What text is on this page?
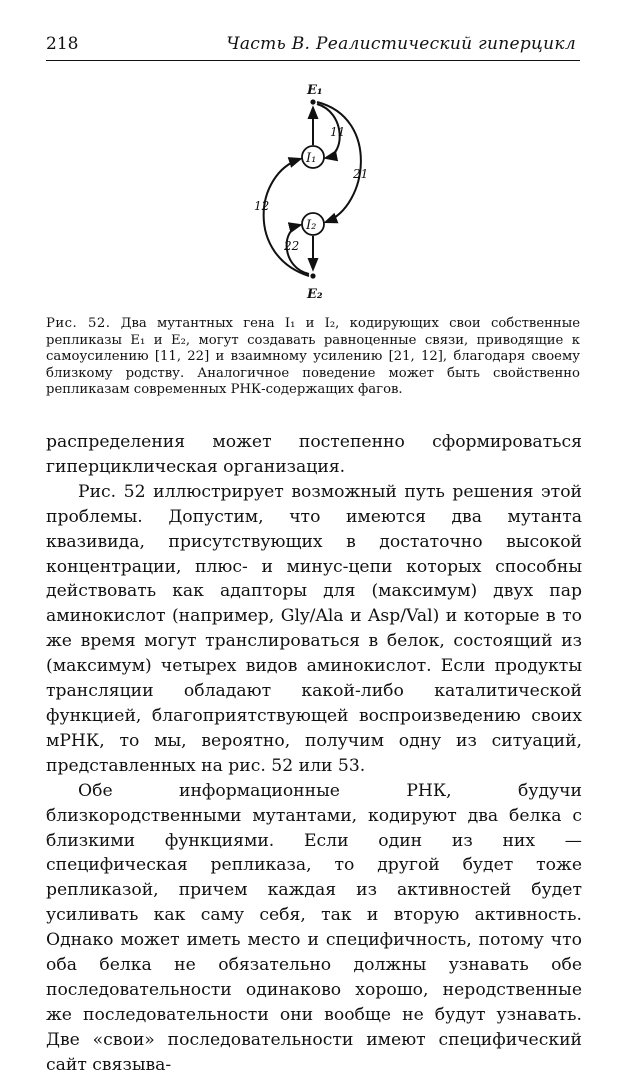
218	Часть В. Реалистический гиперцикл
E₁
I₁
I₂
E₂
11
21
12
22
Рис. 52. Два мутантных гена I₁ и I₂, кодирующих свои собственные репликазы E₁ и E₂, могут создавать равноценные связи, приводящие к самоусилению [11, 22] и взаимному усилению [21, 12], благодаря своему близкому родству. Аналогичное поведение может быть свойственно репликазам современных РНК-содержащих фагов.

распределения может постепенно сформироваться гиперциклическая организация.

Рис. 52 иллюстрирует возможный путь решения этой проблемы. Допустим, что имеются два мутанта квазивида, присутствующих в достаточно высокой концентрации, плюс- и минус-цепи которых способны действовать как адапторы для (максимум) двух пар аминокислот (например, Gly/Ala и Asp/Val) и которые в то же время могут транслироваться в белок, состоящий из (максимум) четырех видов аминокислот. Если продукты трансляции обладают какой-либо каталитической функцией, благоприятствующей воспроизведению своих мРНК, то мы, вероятно, получим одну из ситуаций, представленных на рис. 52 или 53.

Обе информационные РНК, будучи близкородственными мутантами, кодируют два белка с близкими функциями. Если один из них — специфическая репликаза, то другой будет тоже репликазой, причем каждая из активностей будет усиливать как саму себя, так и вторую активность. Однако может иметь место и специфичность, потому что оба белка не обязательно должны узнавать обе последовательности одинаково хорошо, неродственные же последовательности они вообще не будут узнавать. Две «свои» последовательности имеют специфический сайт связыва-
